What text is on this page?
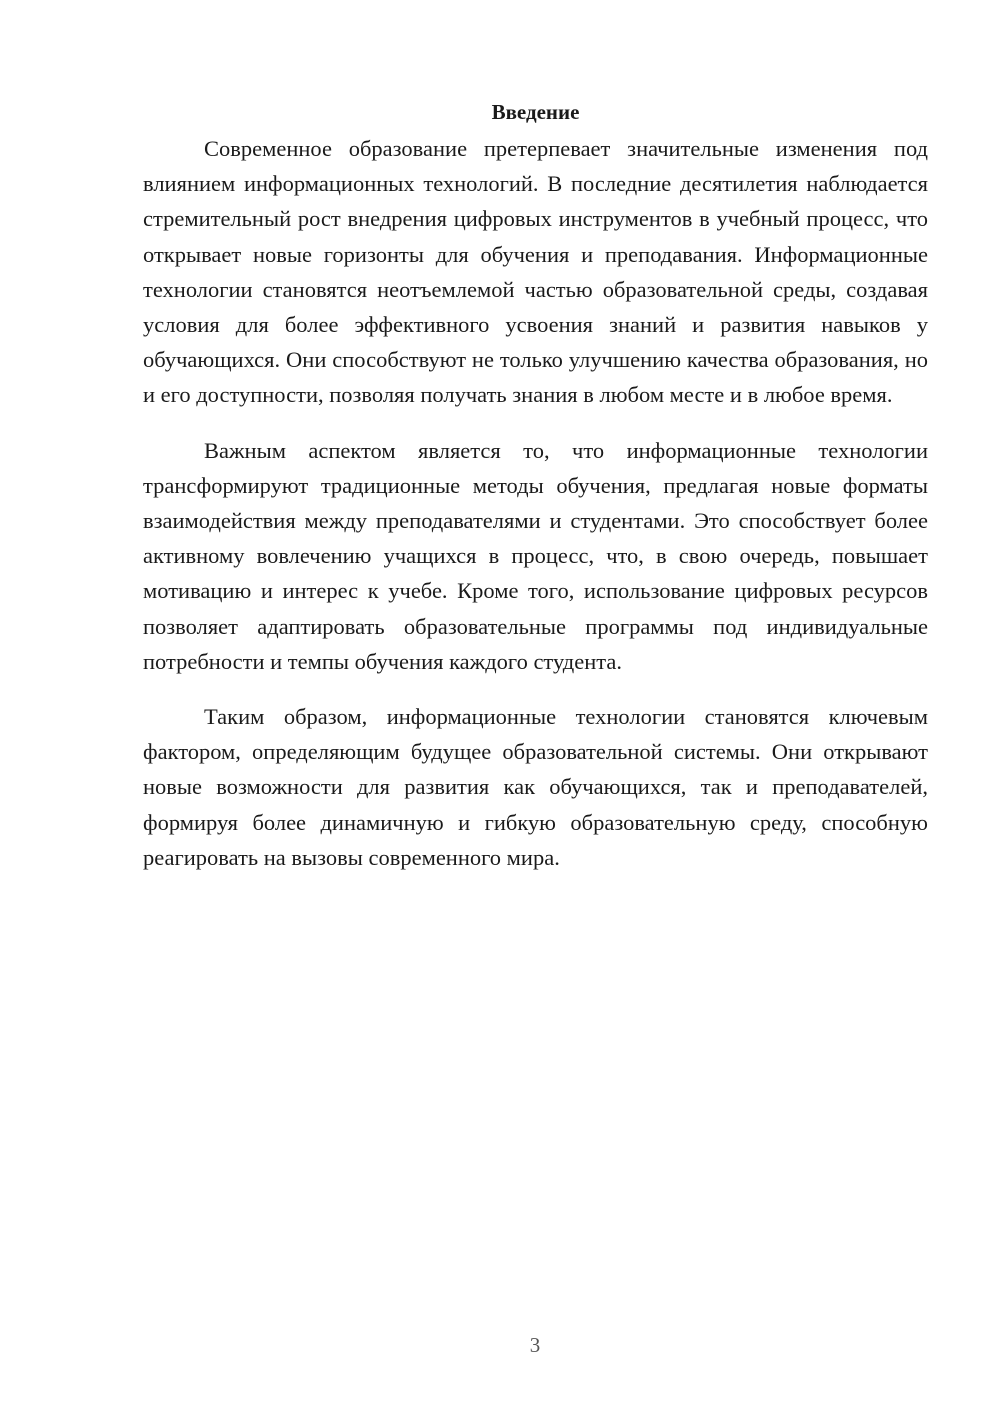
Введение

Современное образование претерпевает значительные изменения под влиянием информационных технологий. В последние десятилетия наблюдается стремительный рост внедрения цифровых инструментов в учебный процесс, что открывает новые горизонты для обучения и преподавания. Информационные технологии становятся неотъемлемой частью образовательной среды, создавая условия для более эффективного усвоения знаний и развития навыков у обучающихся. Они способствуют не только улучшению качества образования, но и его доступности, позволяя получать знания в любом месте и в любое время.

Важным аспектом является то, что информационные технологии трансформируют традиционные методы обучения, предлагая новые форматы взаимодействия между преподавателями и студентами. Это способствует более активному вовлечению учащихся в процесс, что, в свою очередь, повышает мотивацию и интерес к учебе. Кроме того, использование цифровых ресурсов позволяет адаптировать образовательные программы под индивидуальные потребности и темпы обучения каждого студента.

Таким образом, информационные технологии становятся ключевым фактором, определяющим будущее образовательной системы. Они открывают новые возможности для развития как обучающихся, так и преподавателей, формируя более динамичную и гибкую образовательную среду, способную реагировать на вызовы современного мира.

3
